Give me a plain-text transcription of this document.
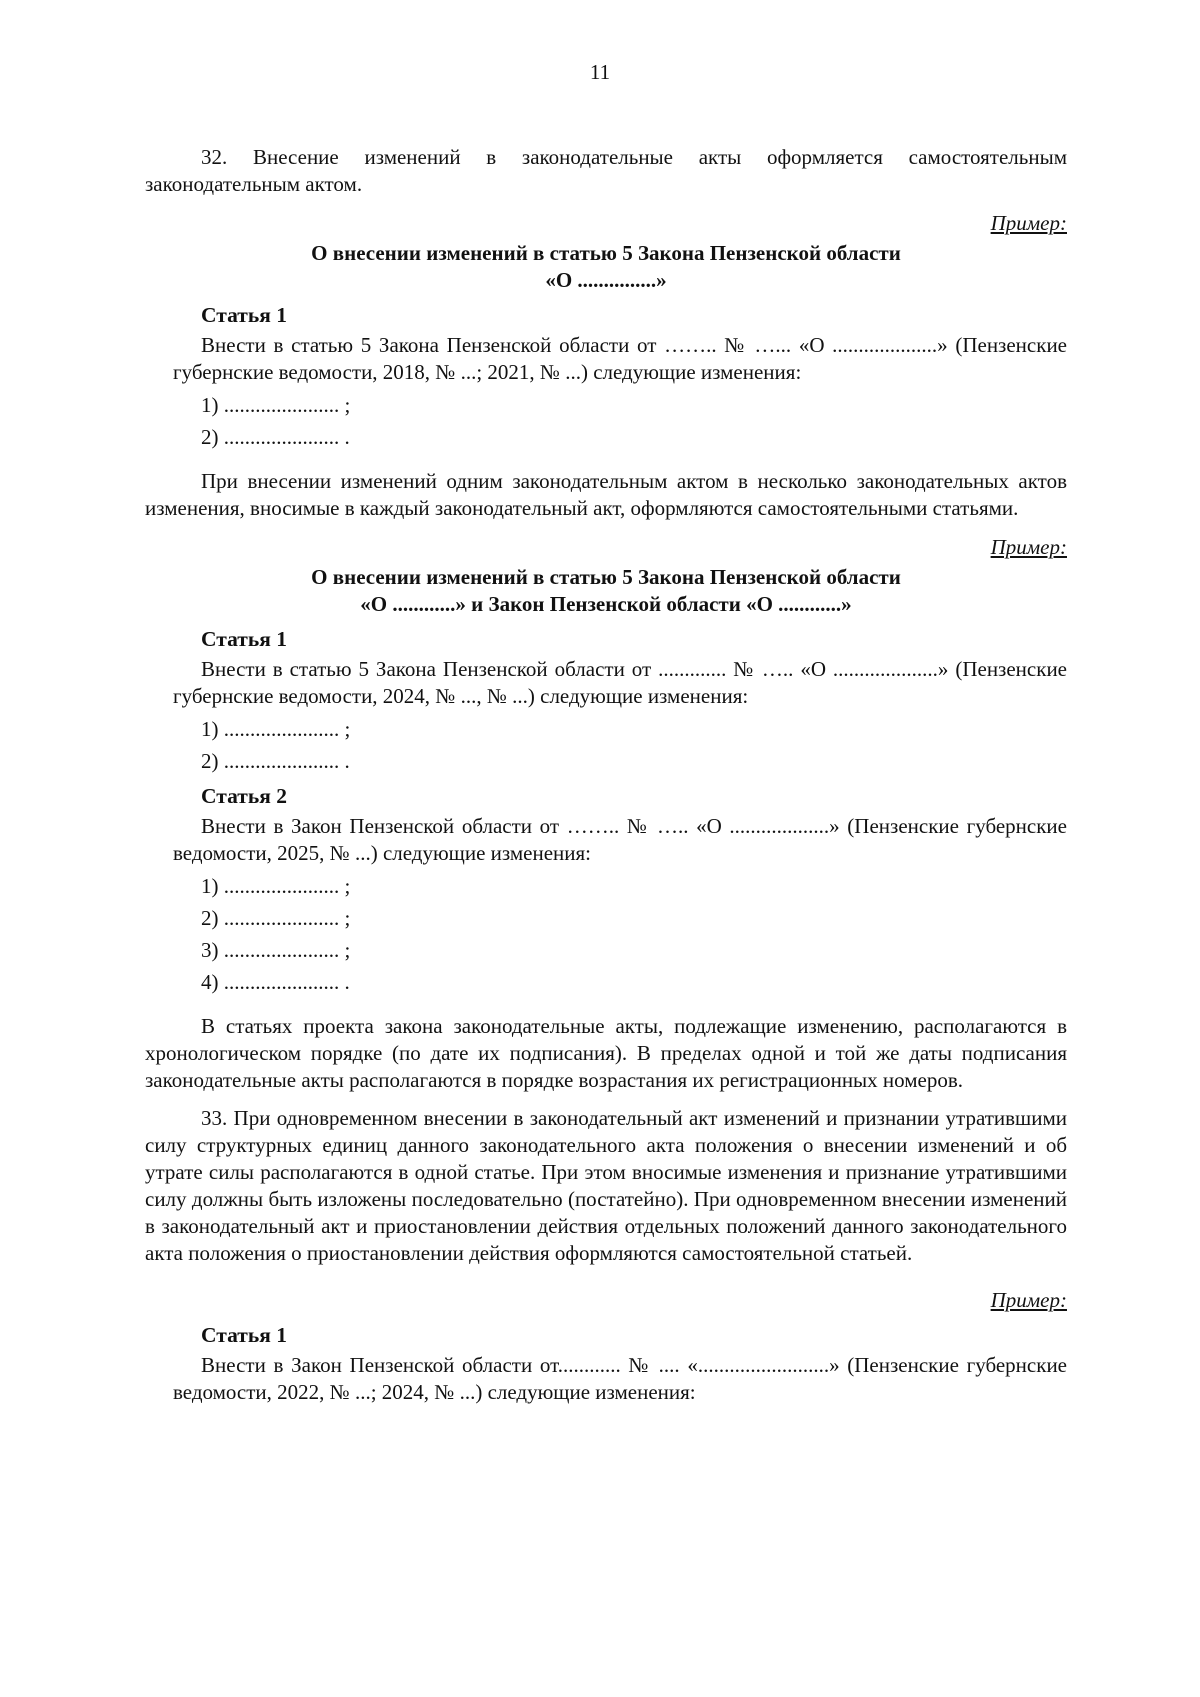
11

32. Внесение изменений в законодательные акты оформляется самостоятельным законодательным актом.

Пример:

О внесении изменений в статью 5 Закона Пензенской области

«О ...............»

Статья 1

Внести в статью 5 Закона Пензенской области от …….. № …... «О ....................» (Пензенские губернские ведомости, 2018, № ...; 2021, № ...) следующие изменения:

1) ...................... ;

2) ...................... .

При внесении изменений одним законодательным актом в несколько законодательных актов изменения, вносимые в каждый законодательный акт, оформляются самостоятельными статьями.

Пример:

О внесении изменений в статью 5 Закона Пензенской области

«О ............» и Закон Пензенской области «О ............»

Статья 1

Внести в статью 5 Закона Пензенской области от ............. № ….. «О ....................» (Пензенские губернские ведомости, 2024, № ..., № ...) следующие изменения:

1) ...................... ;

2) ...................... .

Статья 2

Внести в Закон Пензенской области от …….. № ….. «О ...................» (Пензенские губернские ведомости, 2025, № ...) следующие изменения:

1) ...................... ;

2) ...................... ;

3) ...................... ;

4) ...................... .

В статьях проекта закона законодательные акты, подлежащие изменению, располагаются в хронологическом порядке (по дате их подписания). В пределах одной и той же даты подписания законодательные акты располагаются в порядке возрастания их регистрационных номеров.

33. При одновременном внесении в законодательный акт изменений и признании утратившими силу структурных единиц данного законодательного акта положения о внесении изменений и об утрате силы располагаются в одной статье. При этом вносимые изменения и признание утратившими силу должны быть изложены последовательно (постатейно). При одновременном внесении изменений в законодательный акт и приостановлении действия отдельных положений данного законодательного акта положения о приостановлении действия оформляются самостоятельной статьей.

Пример:

Статья 1

Внести в Закон Пензенской области от............ № .... «.........................» (Пензенские губернские ведомости, 2022, № ...; 2024, № ...) следующие изменения:
